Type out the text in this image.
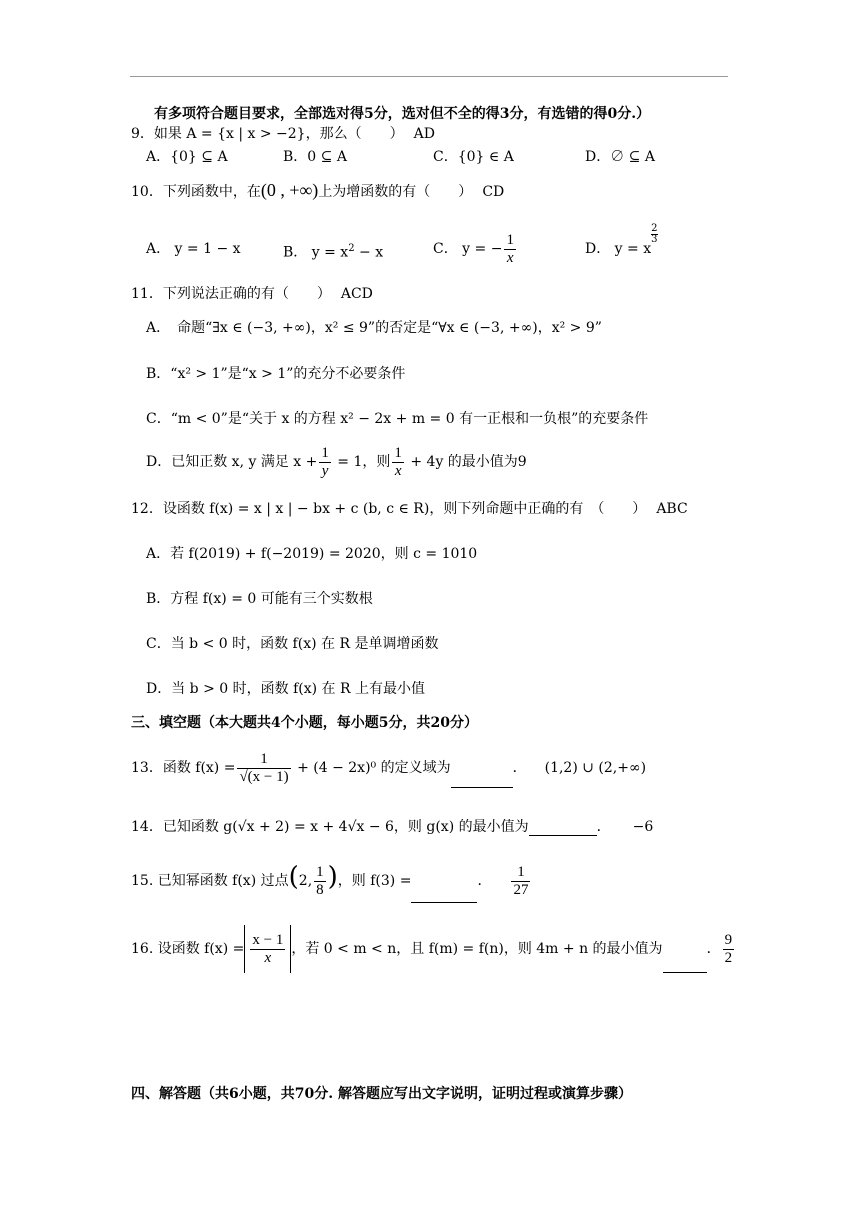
有多项符合题目要求，全部选对得5分，选对但不全的得3分，有选错的得0分.）
9．如果 A = {x | x > −2}，那么（　　） AD
A．{0} ⊆ A	B．0 ⊆ A	C．{0} ∈ A	D．∅ ⊆ A
10．下列函数中，在(0 , +∞)上为增函数的有（　　） CD
A． y = 1 − x	B． $y = x^2 - x$	C． y = − $\frac{1}{x}$	D． y = x
$\frac{2}{3}$
11．下列说法正确的有（　　） ACD
A．　命题“∃x ∈ (−3, +∞)，x² ≤ 9”的否定是“∀x ∈ (−3, +∞)，x² > 9”
B．“x² > 1”是“x > 1”的充分不必要条件
C．“m < 0”是“关于 x 的方程 x² − 2x + m = 0 有一正根和一负根”的充要条件
D．已知正数 x, y 满足 $x + \frac{1}{y} = 1$，则 $\frac{1}{x} + 4y$ 的最小值为9
12．设函数 f(x) = x | x | − bx + c (b, c ∈ R)，则下列命题中正确的有　（　　） ABC
A．若 f(2019) + f(−2019) = 2020，则 c = 1010
B．方程 f(x) = 0 可能有三个实数根
C．当 b < 0 时，函数 f(x) 在 R 是单调增函数
D．当 b > 0 时，函数 f(x) 在 R 上有最小值
三、填空题（本大题共4个小题，每小题5分，共20分）
13．函数 $f(x) = \frac{1}{√(x - 1)} + (4 - 2x)^0$ 的定义域为	． (1,2) ∪ (2,+∞)
14．已知函数 g(√x + 2) = x + 4√x − 6，则 g(x) 的最小值为	． −6
15. 已知幂函数 f(x) 过点(2, $\frac{1}{8}$ )，则 f(3) =	． $\frac{1}{27}$
16. 设函数 $f(x) = \frac{x - 1}{x}$ ，若 0 < m < n，且 f(m) = f(n)，则 4m + n 的最小值为	． $\frac{9}{2}$
四、解答题（共6小题，共70分. 解答题应写出文字说明，证明过程或演算步骤）
